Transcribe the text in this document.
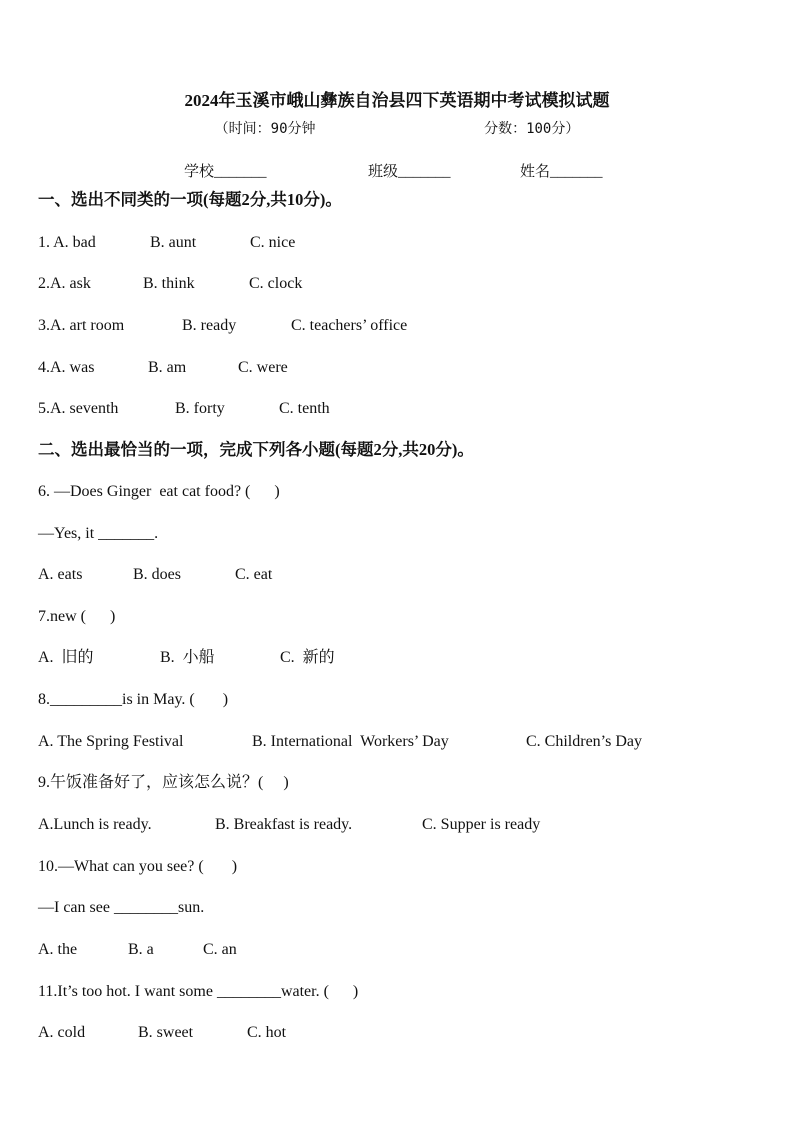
2024年玉溪市峨山彝族自治县四下英语期中考试模拟试题
（时间：90分钟                    分数：100分）
学校_______	班级_______	姓名_______
一、选出不同类的一项(每题2分,共10分)。
1. A. bad	B. aunt	C. nice
2.A. ask	B. think	C. clock
3.A. art room	B. ready	C. teachers’ office
4.A. was	B. am	C. were
5.A. seventh	B. forty	C. tenth
二、选出最恰当的一项，完成下列各小题(每题2分,共20分)。
6. —Does Ginger  eat cat food? (      )
—Yes, it _______.
A. eats	B. does	C. eat
7.new (      )
A.  旧的	B.  小船	C.  新的
8._________is in May. (       )
A. The Spring Festival	B. International  Workers’ Day	C. Children’s Day
9.午饭准备好了，应该怎么说？(     )
A.Lunch is ready.	B. Breakfast is ready.	C. Supper is ready
10.—What can you see? (       )
—I can see ________sun.
A. the	B. a	C. an
11.It’s too hot. I want some ________water. (      )
A. cold	B. sweet	C. hot
